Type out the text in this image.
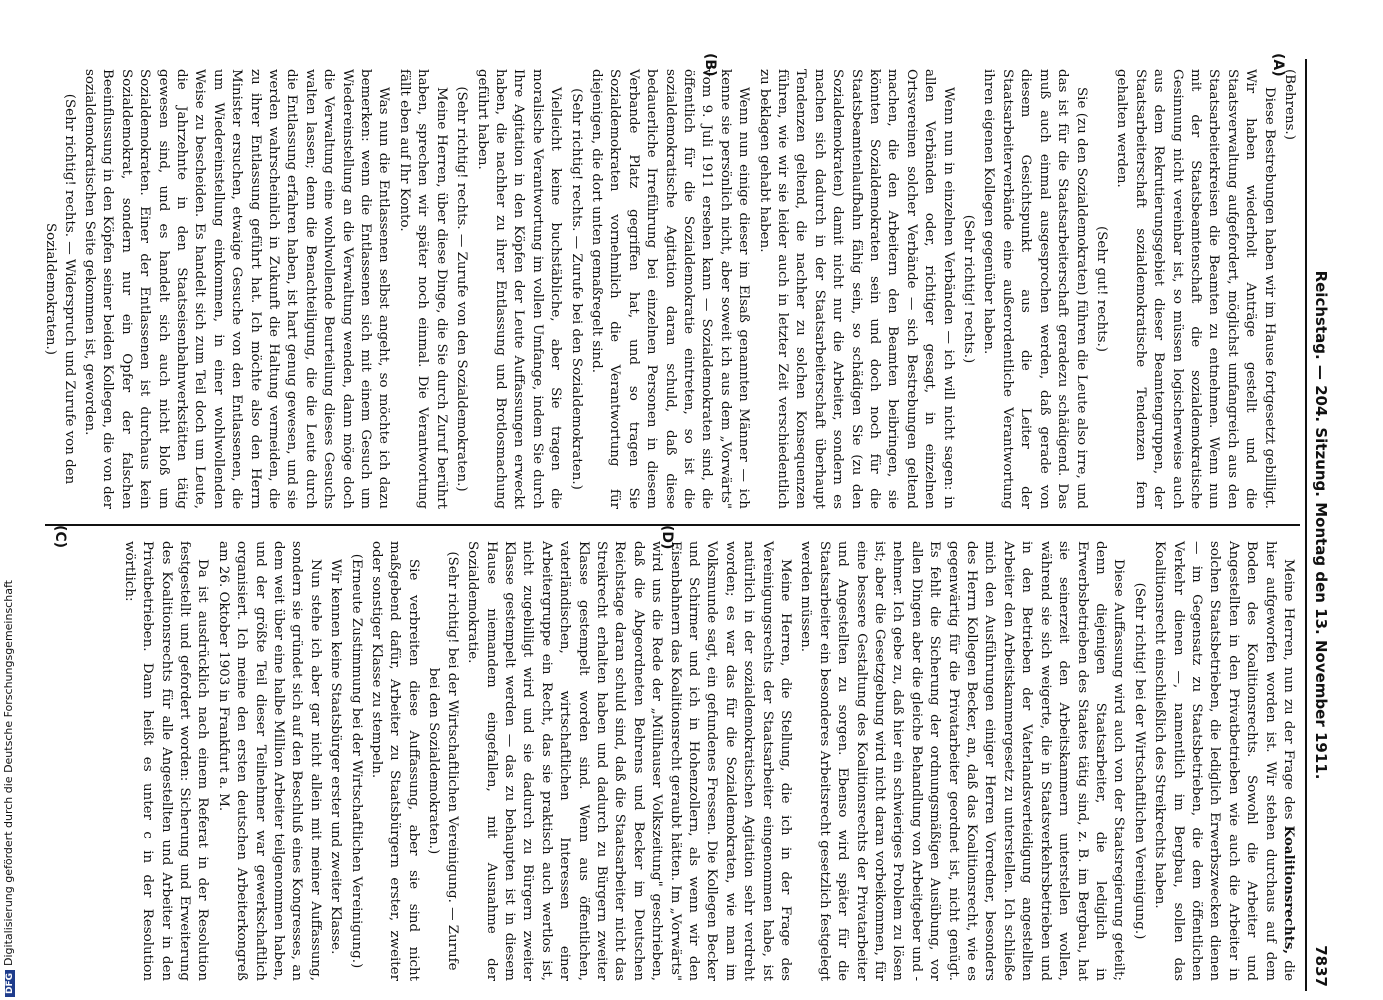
Reichstag. — 204. Sitzung. Montag den 13. November 1911.
7837
(A)
(B)
(C)	(D)

(Behrens.)

Diese Bestrebungen haben wir im Hause fortgesetzt gebilligt. Wir haben wiederholt Anträge gestellt und die Staatsverwaltung aufgefordert, möglichst umfangreich aus den Staatsarbeiterkreisen die Beamten zu entnehmen. Wenn nun mit der Staatsbeamtenschaft die sozialdemokratische Gesinnung nicht vereinbar ist, so müssen logischerweise auch aus dem Rekrutierungsgebiet dieser Beamtengruppen, der Staatsarbeiterschaft sozialdemokratische Tendenzen fern gehalten werden.

(Sehr gut! rechts.)

Sie (zu den Sozialdemokraten) führen die Leute also irre, und das ist für die Staatsarbeiterschaft geradezu schädigend. Das muß auch einmal ausgesprochen werden, daß gerade von diesem Gesichtspunkt aus die Leiter der Staatsarbeiterverbände eine außerordentliche Verantwortung ihren eigenen Kollegen gegenüber haben.

(Sehr richtig! rechts.)

Wenn nun in einzelnen Verbänden — ich will nicht sagen: in allen Verbänden oder, richtiger gesagt, in einzelnen Ortsvereinen solcher Verbände — sich Bestrebungen geltend machen, die den Arbeitern den Beamten beibringen, sie könnten Sozialdemokraten sein und doch noch für die Staatsbeamtenlaufbahn fähig sein, so schädigen Sie (zu den Sozialdemokraten) damit nicht nur die Arbeiter, sondern es machen sich dadurch in der Staatsarbeiterschaft überhaupt Tendenzen geltend, die nachher zu solchen Konsequenzen führen, wie wir sie leider auch in letzter Zeit verschiedentlich zu beklagen gehabt haben.

Wenn nun einige dieser im Elsaß genannten Männer — ich kenne sie persönlich nicht, aber soweit ich aus dem „Vorwärts" vom 9. Juli 1911 ersehen kann — Sozialdemokraten sind, die öffentlich für die Sozialdemokratie eintreten, so ist die sozialdemokratische Agitation daran schuld, daß diese bedauerliche Irreführung bei einzelnen Personen in diesem Verbande Platz gegriffen hat, und so tragen Sie Sozialdemokraten vornehmlich die Verantwortung für diejenigen, die dort unten gemaßregelt sind.

(Sehr richtig! rechts. — Zurufe bei den Sozialdemokraten.)

Vielleicht keine buchstäbliche, aber Sie tragen die moralische Verantwortung im vollen Umfange, indem Sie durch Ihre Agitation in den Köpfen der Leute Auffassungen erweckt haben, die nachher zu ihrer Entlassung und Brotlosmachung geführt haben.

(Sehr richtig! rechts. — Zurufe von den Sozialdemokraten.)

Meine Herren, über diese Dinge, die Sie durch Zuruf berührt haben, sprechen wir später noch einmal. Die Verantwortung fällt eben auf Ihr Konto.

Was nun die Entlassenen selbst angeht, so möchte ich dazu bemerken: wenn die Entlassenen sich mit einem Gesuch um Wiedereinstellung an die Verwaltung wenden, dann möge doch die Verwaltung eine wohlwollende Beurteilung dieses Gesuchs walten lassen; denn die Benachteiligung, die die Leute durch die Entlassung erfahren haben, ist hart genug gewesen, und sie werden wahrscheinlich in Zukunft die Haltung vermeiden, die zu ihrer Entlassung geführt hat. Ich möchte also den Herrn Minister ersuchen, etwaige Gesuche von den Entlassenen, die um Wiedereinstellung einkommen, in einer wohlwollenden Weise zu bescheiden. Es handelt sich zum Teil doch um Leute, die Jahrzehnte in den Staatseisenbahnwerkstätten tätig gewesen sind, und es handelt sich auch nicht bloß um Sozialdemokraten. Einer der Entlassenen ist durchaus kein Sozialdemokrat, sondern nur ein Opfer der falschen Beeinflussung in den Köpfen seiner beiden Kollegen, die von der sozialdemokratischen Seite gekommen ist, geworden.

(Sehr richtig! rechts. — Widerspruch und Zurufe von den Sozialdemokraten.)

Meine Herren, nun zu der Frage des Koalitionsrechts, die hier aufgeworfen worden ist. Wir stehen durchaus auf dem Boden des Koalitionsrechts. Sowohl die Arbeiter und Angestellten in den Privatbetrieben wie auch die Arbeiter in solchen Staatsbetrieben, die lediglich Erwerbszwecken dienen — im Gegensatz zu Staatsbetrieben, die dem öffentlichen Verkehr dienen —, namentlich im Bergbau, sollen das Koalitionsrecht einschließlich des Streikrechts haben.

(Sehr richtig! bei der Wirtschaftlichen Vereinigung.)

Diese Auffassung wird auch von der Staatsregierung geteilt; denn diejenigen Staatsarbeiter, die lediglich in Erwerbsbetrieben des Staates tätig sind, z. B. im Bergbau, hat sie seinerzeit den Arbeitskammern unterstellen wollen, während sie sich weigerte, die in Staatsverkehrsbetrieben und in den Betrieben der Vaterlandsverteidigung angestellten Arbeiter den Arbeitskammergesetz zu unterstellen. Ich schließe mich den Ausführungen einiger Herren Vorredner, besonders des Herrn Kollegen Becker, an, daß das Koalitionsrecht, wie es gegenwärtig für die Privatarbeiter geordnet ist, nicht genügt. Es fehlt die Sicherung der ordnungsmäßigen Ausübung, vor allen Dingen aber die gleiche Behandlung von Arbeitgeber und -nehmer. Ich gebe zu, daß hier ein schwieriges Problem zu lösen ist; aber die Gesetzgebung wird nicht daran vorbeikommen, für eine bessere Gestaltung des Koalitionsrechts der Privatarbeiter und Angestellten zu sorgen. Ebenso wird später für die Staatsarbeiter ein besonderes Arbeitsrecht gesetzlich festgelegt werden müssen.

Meine Herren, die Stellung, die ich in der Frage des Vereinigungsrechts der Staatsarbeiter eingenommen habe, ist natürlich in der sozialdemokratischen Agitation sehr verdreht worden; es war das für die Sozialdemokraten, wie man im Volksmunde sagt, ein gefundenes Fressen. Die Kollegen Becker und Schirmer und ich in Hohenzollern, als wenn wir den Eisenbahnern das Koalitionsrecht geraubt hätten. Im „Vorwärts" wird uns die Rede der „Mülhauser Volkszeitung" geschrieben, daß die Abgeordneten Behrens und Becker im Deutschen Reichstage daran schuld sind, daß die Staatsarbeiter nicht das Streikrecht erhalten haben und dadurch zu Bürgern zweiter Klasse gestempelt worden sind. Wenn aus öffentlichen, vaterländischen, wirtschaftlichen Interessen einer Arbeitergruppe ein Recht, das sie praktisch auch wertlos ist, nicht zugebilligt wird und sie dadurch zu Bürgern zweiter Klasse gestempelt werden — das zu behaupten ist in diesem Hause niemandem eingefallen, mit Ausnahme der Sozialdemokratie.

(Sehr richtig! bei der Wirtschaftlichen Vereinigung. — Zurufe bei den Sozialdemokraten.)

Sie verbreiten diese Auffassung, aber sie sind nicht maßgebend dafür, Arbeiter zu Staatsbürgern erster, zweiter oder sonstiger Klasse zu stempeln.

(Erneute Zustimmung bei der Wirtschaftlichen Vereinigung.)

Wir kennen keine Staatsbürger erster und zweiter Klasse.

Nun stehe ich aber gar nicht allein mit meiner Auffassung, sondern sie gründet sich auf den Beschluß eines Kongresses, an dem weit über eine halbe Million Arbeiter teilgenommen haben, und der größte Teil dieser Teilnehmer war gewerkschaftlich organisiert. Ich meine den ersten deutschen Arbeiterkongreß am 26. Oktober 1903 in Frankfurt a. M.

Da ist ausdrücklich nach einem Referat in der Resolution festgestellt und gefordert worden: Sicherung und Erweiterung des Koalitionsrechts für alle Angestellten und Arbeiter in den Privatbetrieben. Dann heißt es unter c in der Resolution wörtlich:

DFGDigitalisierung gefördert durch die Deutsche Forschungsgemeinschaft
